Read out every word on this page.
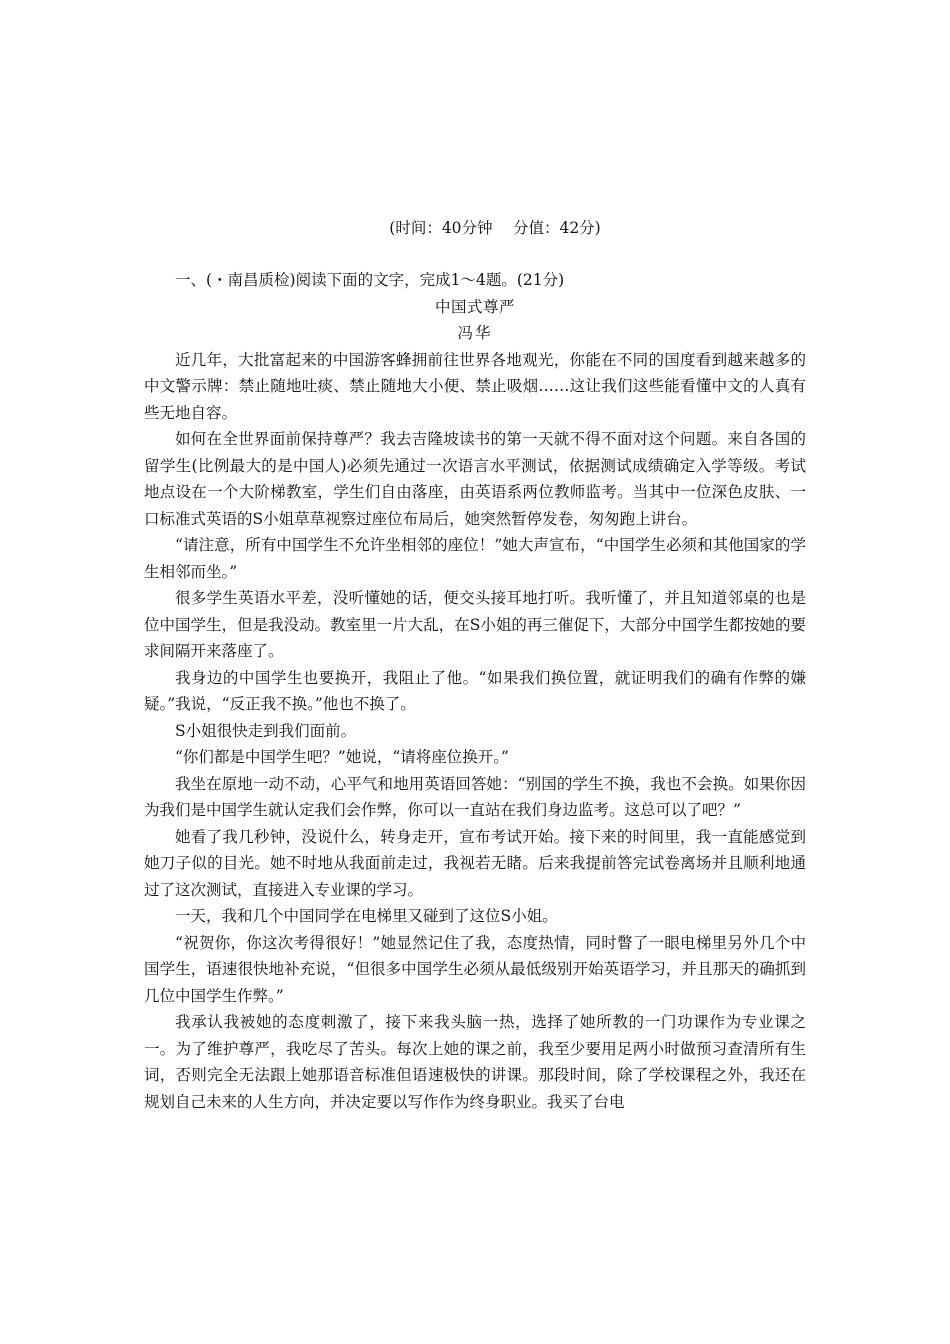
(时间：40分钟　 分值：42分)

一、(・南昌质检)阅读下面的文字，完成1～4题。(21分)

中国式尊严

冯华

近几年，大批富起来的中国游客蜂拥前往世界各地观光，你能在不同的国度看到越来越多的中文警示牌：禁止随地吐痰、禁止随地大小便、禁止吸烟……这让我们这些能看懂中文的人真有些无地自容。

如何在全世界面前保持尊严？我去吉隆坡读书的第一天就不得不面对这个问题。来自各国的留学生(比例最大的是中国人)必须先通过一次语言水平测试，依据测试成绩确定入学等级。考试地点设在一个大阶梯教室，学生们自由落座，由英语系两位教师监考。当其中一位深色皮肤、一口标准式英语的S小姐草草视察过座位布局后，她突然暂停发卷，匆匆跑上讲台。

“请注意，所有中国学生不允许坐相邻的座位！”她大声宣布，“中国学生必须和其他国家的学生相邻而坐。”

很多学生英语水平差，没听懂她的话，便交头接耳地打听。我听懂了，并且知道邻桌的也是位中国学生，但是我没动。教室里一片大乱，在S小姐的再三催促下，大部分中国学生都按她的要求间隔开来落座了。

我身边的中国学生也要换开，我阻止了他。“如果我们换位置，就证明我们的确有作弊的嫌疑。”我说，“反正我不换。”他也不换了。

S小姐很快走到我们面前。

“你们都是中国学生吧？”她说，“请将座位换开。”

我坐在原地一动不动，心平气和地用英语回答她：“别国的学生不换，我也不会换。如果你因为我们是中国学生就认定我们会作弊，你可以一直站在我们身边监考。这总可以了吧？”

她看了我几秒钟，没说什么，转身走开，宣布考试开始。接下来的时间里，我一直能感觉到她刀子似的目光。她不时地从我面前走过，我视若无睹。后来我提前答完试卷离场并且顺利地通过了这次测试，直接进入专业课的学习。

一天，我和几个中国同学在电梯里又碰到了这位S小姐。

“祝贺你，你这次考得很好！”她显然记住了我，态度热情，同时瞥了一眼电梯里另外几个中国学生，语速很快地补充说，“但很多中国学生必须从最低级别开始英语学习，并且那天的确抓到几位中国学生作弊。”

我承认我被她的态度刺激了，接下来我头脑一热，选择了她所教的一门功课作为专业课之一。为了维护尊严，我吃尽了苦头。每次上她的课之前，我至少要用足两小时做预习查清所有生词，否则完全无法跟上她那语音标准但语速极快的讲课。那段时间，除了学校课程之外，我还在规划自己未来的人生方向，并决定要以写作作为终身职业。我买了台电
